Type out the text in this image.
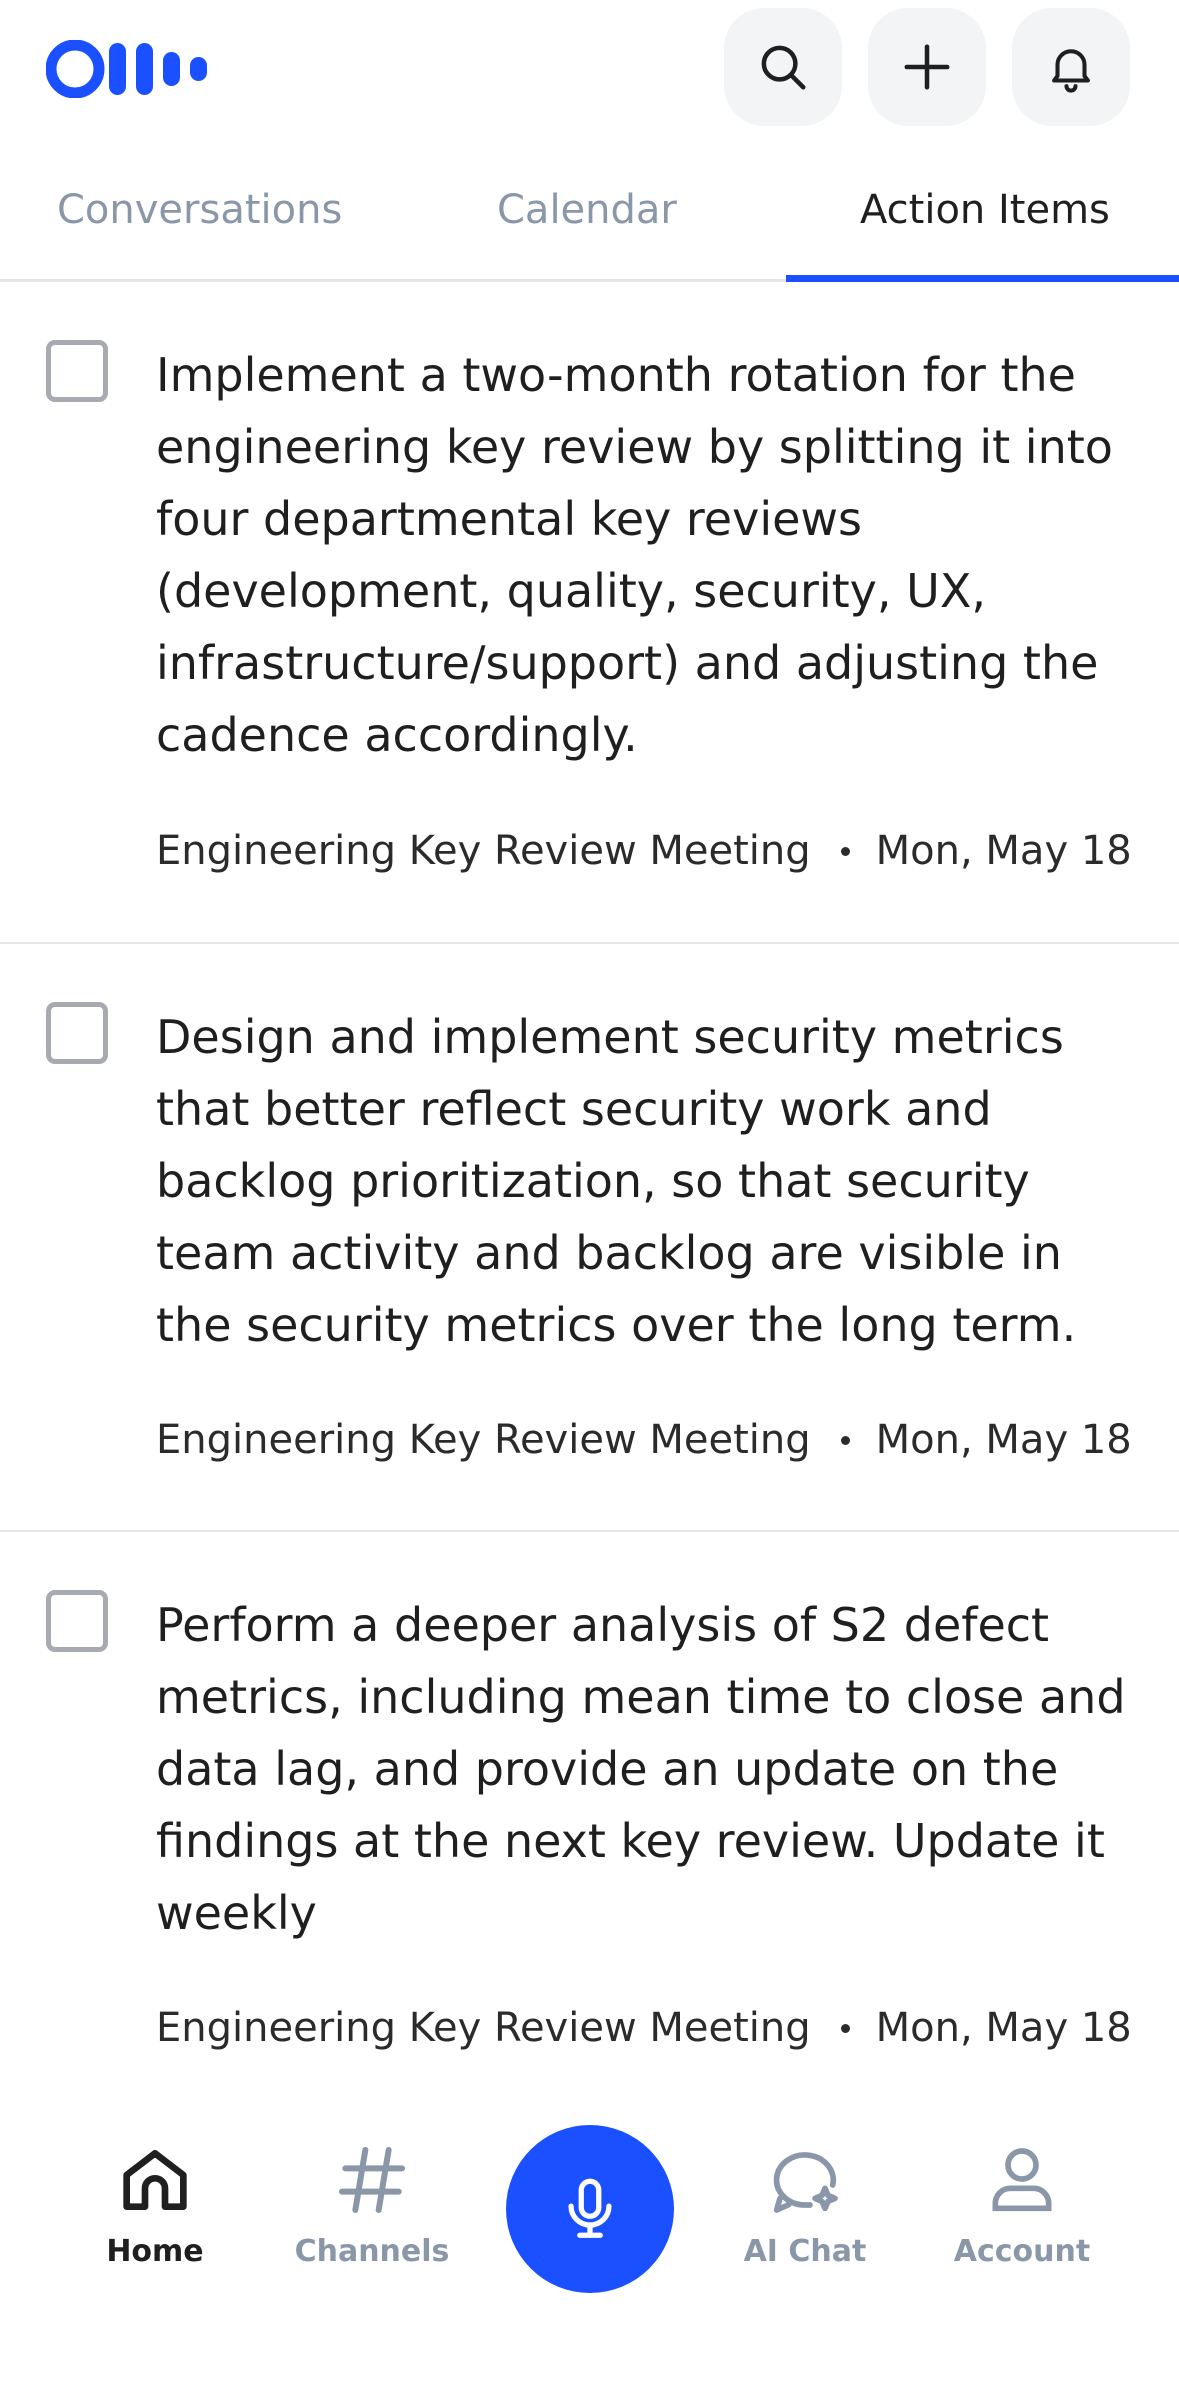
Conversations	Calendar	Action Items
Implement a two-month rotation for the engineering key review by splitting it into four departmental key reviews (development, quality, security, UX, infrastructure/support) and adjusting the cadence accordingly.
Engineering Key Review Meeting Mon, May 18
Design and implement security metrics that better reflect security work and backlog prioritization, so that security team activity and backlog are visible in the security metrics over the long term.
Engineering Key Review Meeting Mon, May 18
Perform a deeper analysis of S2 defect metrics, including mean time to close and data lag, and provide an update on the findings at the next key review. Update it weekly
Engineering Key Review Meeting Mon, May 18
Home	Channels	AI Chat	Account
